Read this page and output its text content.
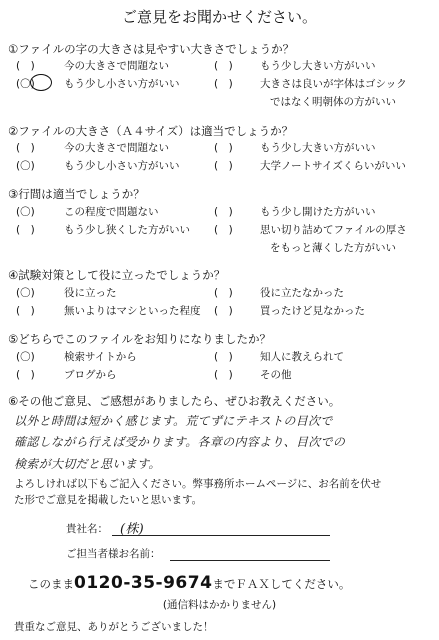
ご意見をお聞かせください。
①ファイルの字の大きさは見やすい大きさでしょうか？
(　)	今の大きさで問題ない	(　)	もう少し大きい方がいい
(〇)	もう少し小さい方がいい	(　)	大きさは良いが字体はゴシック
ではなく明朝体の方がいい
②ファイルの大きさ（Ａ４サイズ）は適当でしょうか？
(　)	今の大きさで問題ない	(　)	もう少し大きい方がいい
(〇)	もう少し小さい方がいい	(　)	大学ノートサイズくらいがいい
③行間は適当でしょうか？
(〇)	この程度で問題ない	(　)	もう少し開けた方がいい
(　)	もう少し狭くした方がいい (　)	思い切り詰めてファイルの厚さ
をもっと薄くした方がいい
④試験対策として役に立ったでしょうか？
(〇)	役に立った	(　)	役に立たなかった
(　)	無いよりはマシといった程度 (　)	買ったけど見なかった
⑤どちらでこのファイルをお知りになりましたか？
(〇)	検索サイトから	(　)	知人に教えられて
(　)	ブログから	(　)	その他
⑥その他ご意見、ご感想がありましたら、ぜひお教えください。
以外と時間は短かく感じます。荒てずにテキストの目次で
確認しながら行えば受かります。各章の内容より、目次での
検索が大切だと思います。
よろしければ以下もご記入ください。弊事務所ホームページに、お名前を伏せ
た形でご意見を掲載したいと思います。
貴社名： (株)
ご担当者様お名前：
このまま0120-35-9674までＦＡＸしてください。
(通信料はかかりません)
貴重なご意見、ありがとうございました！
